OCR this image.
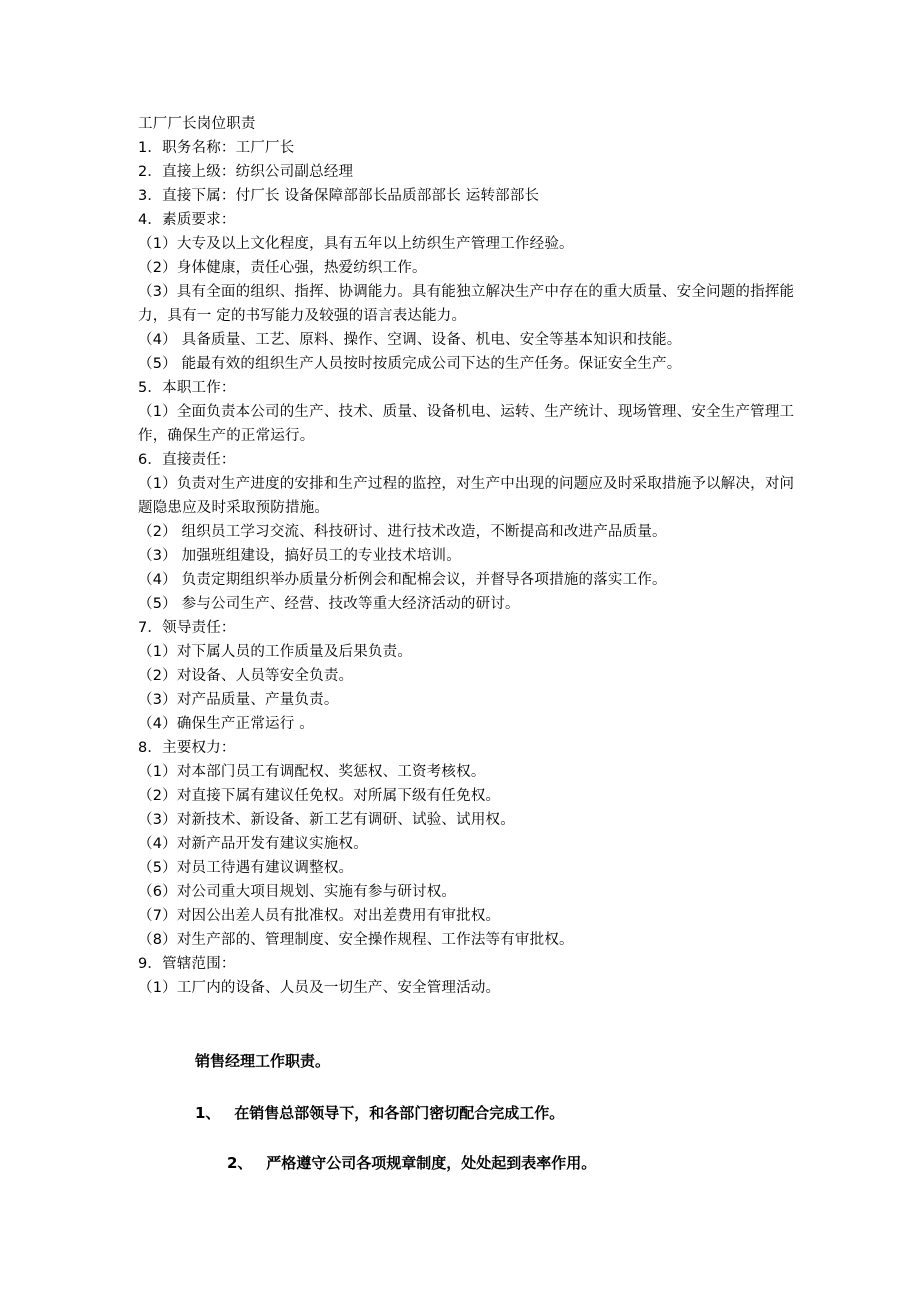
工厂厂长岗位职责
1．职务名称：工厂厂长
2．直接上级：纺织公司副总经理
3．直接下属：付厂长 设备保障部部长品质部部长 运转部部长
4．素质要求：
（1）大专及以上文化程度，具有五年以上纺织生产管理工作经验。
（2）身体健康，责任心强，热爱纺织工作。
（3）具有全面的组织、指挥、协调能力。具有能独立解决生产中存在的重大质量、安全问题的指挥能力，具有一 定的书写能力及较强的语言表达能力。
（4） 具备质量、工艺、原料、操作、空调、设备、机电、安全等基本知识和技能。
（5） 能最有效的组织生产人员按时按质完成公司下达的生产任务。保证安全生产。
5．本职工作：
（1）全面负责本公司的生产、技术、质量、设备机电、运转、生产统计、现场管理、安全生产管理工作，确保生产的正常运行。
6．直接责任：
（1）负责对生产进度的安排和生产过程的监控，对生产中出现的问题应及时采取措施予以解决，对问题隐患应及时采取预防措施。
（2） 组织员工学习交流、科技研讨、进行技术改造，不断提高和改进产品质量。
（3） 加强班组建设，搞好员工的专业技术培训。
（4） 负责定期组织举办质量分析例会和配棉会议，并督导各项措施的落实工作。
（5） 参与公司生产、经营、技改等重大经济活动的研讨。
7．领导责任：
（1）对下属人员的工作质量及后果负责。
（2）对设备、人员等安全负责。
（3）对产品质量、产量负责。
（4）确保生产正常运行 。
8．主要权力：
（1）对本部门员工有调配权、奖惩权、工资考核权。
（2）对直接下属有建议任免权。对所属下级有任免权。
（3）对新技术、新设备、新工艺有调研、试验、试用权。
（4）对新产品开发有建议实施权。
（5）对员工待遇有建议调整权。
（6）对公司重大项目规划、实施有参与研讨权。
（7）对因公出差人员有批准权。对出差费用有审批权。
（8）对生产部的、管理制度、安全操作规程、工作法等有审批权。
9．管辖范围：
（1）工厂内的设备、人员及一切生产、安全管理活动。
销售经理工作职责。
1、 在销售总部领导下，和各部门密切配合完成工作。
2、 严格遵守公司各项规章制度，处处起到表率作用。
